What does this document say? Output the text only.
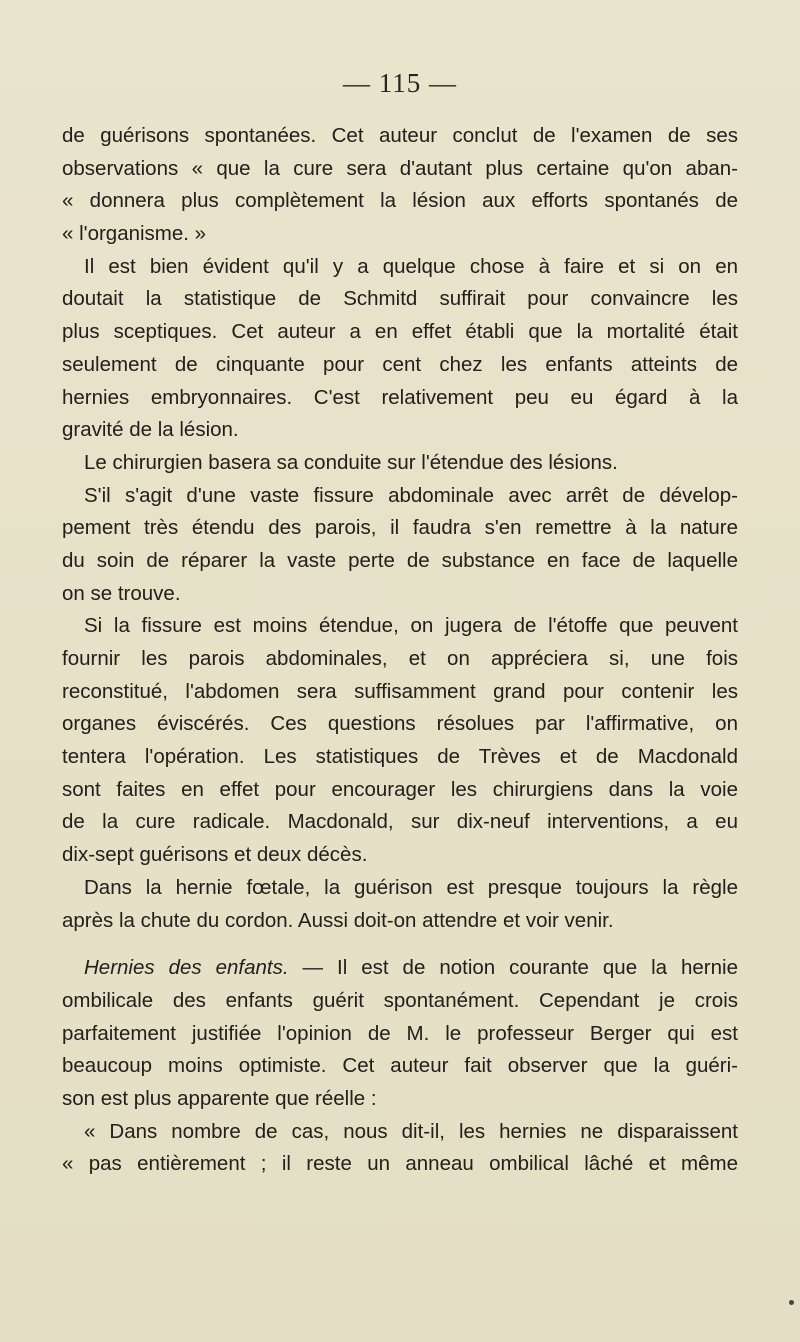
— 115 —
de guérisons spontanées. Cet auteur conclut de l'examen de ses
observations « que la cure sera d'autant plus certaine qu'on aban-
« donnera plus complètement la lésion aux efforts spontanés de
« l'organisme. »
Il est bien évident qu'il y a quelque chose à faire et si on en
doutait la statistique de Schmitd suffirait pour convaincre les
plus sceptiques. Cet auteur a en effet établi que la mortalité était
seulement de cinquante pour cent chez les enfants atteints de
hernies embryonnaires. C'est relativement peu eu égard à la
gravité de la lésion.
Le chirurgien basera sa conduite sur l'étendue des lésions.
S'il s'agit d'une vaste fissure abdominale avec arrêt de dévelop-
pement très étendu des parois, il faudra s'en remettre à la nature
du soin de réparer la vaste perte de substance en face de laquelle
on se trouve.
Si la fissure est moins étendue, on jugera de l'étoffe que peuvent
fournir les parois abdominales, et on appréciera si, une fois
reconstitué, l'abdomen sera suffisamment grand pour contenir les
organes éviscérés. Ces questions résolues par l'affirmative, on
tentera l'opération. Les statistiques de Trèves et de Macdonald
sont faites en effet pour encourager les chirurgiens dans la voie
de la cure radicale. Macdonald, sur dix-neuf interventions, a eu
dix-sept guérisons et deux décès.
Dans la hernie fœtale, la guérison est presque toujours la règle
après la chute du cordon. Aussi doit-on attendre et voir venir.
Hernies des enfants. — Il est de notion courante que la hernie
ombilicale des enfants guérit spontanément. Cependant je crois
parfaitement justifiée l'opinion de M. le professeur Berger qui est
beaucoup moins optimiste. Cet auteur fait observer que la guéri-
son est plus apparente que réelle :
« Dans nombre de cas, nous dit-il, les hernies ne disparaissent
« pas entièrement ; il reste un anneau ombilical lâché et même
